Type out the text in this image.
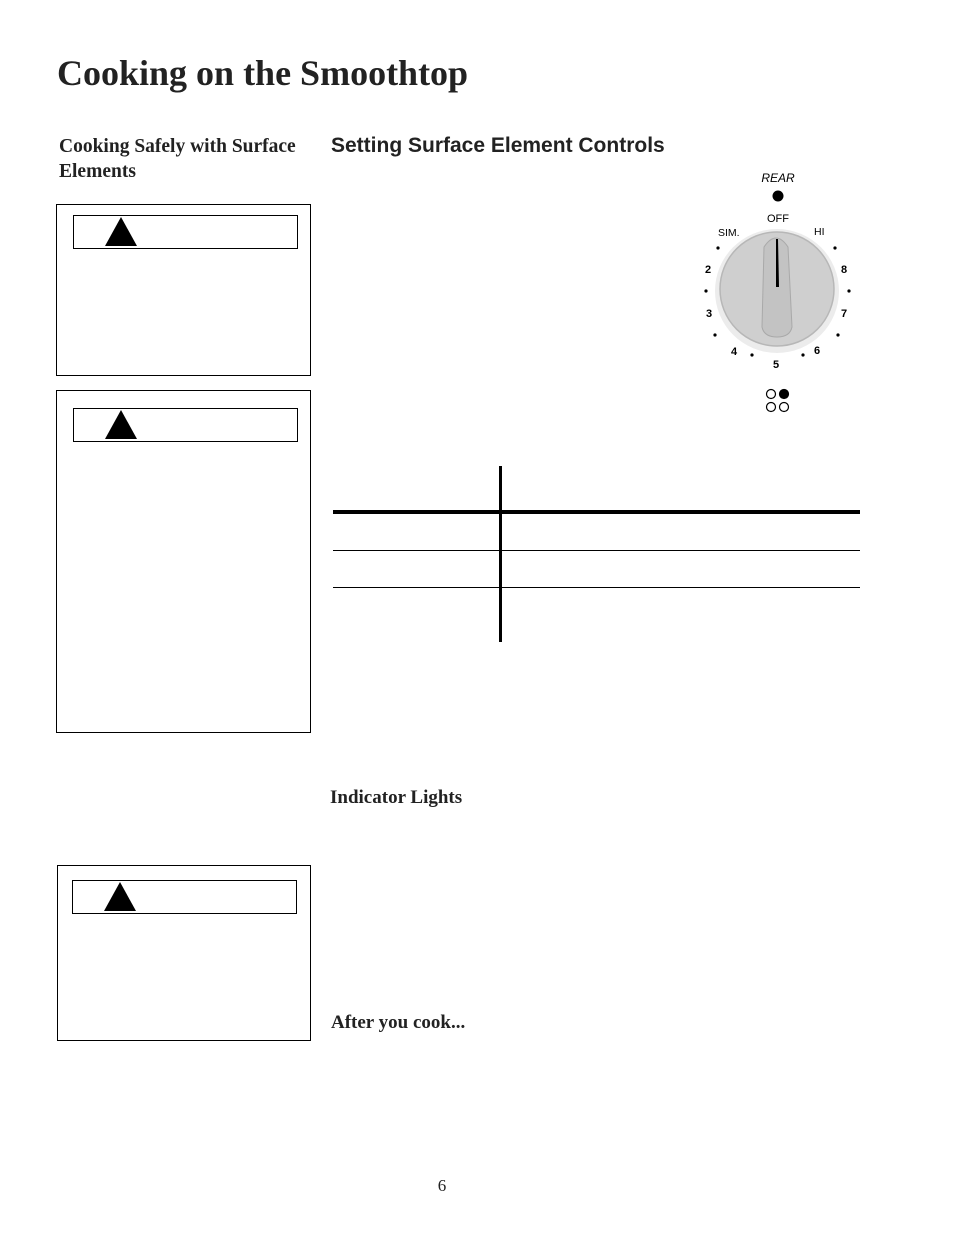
Cooking on the Smoothtop
Cooking Safely with Surface Elements
Setting Surface Element Controls
REAR
OFF
SIM.	HI
2
3
4
5
6
7
8
Indicator Lights
After you cook...
6
